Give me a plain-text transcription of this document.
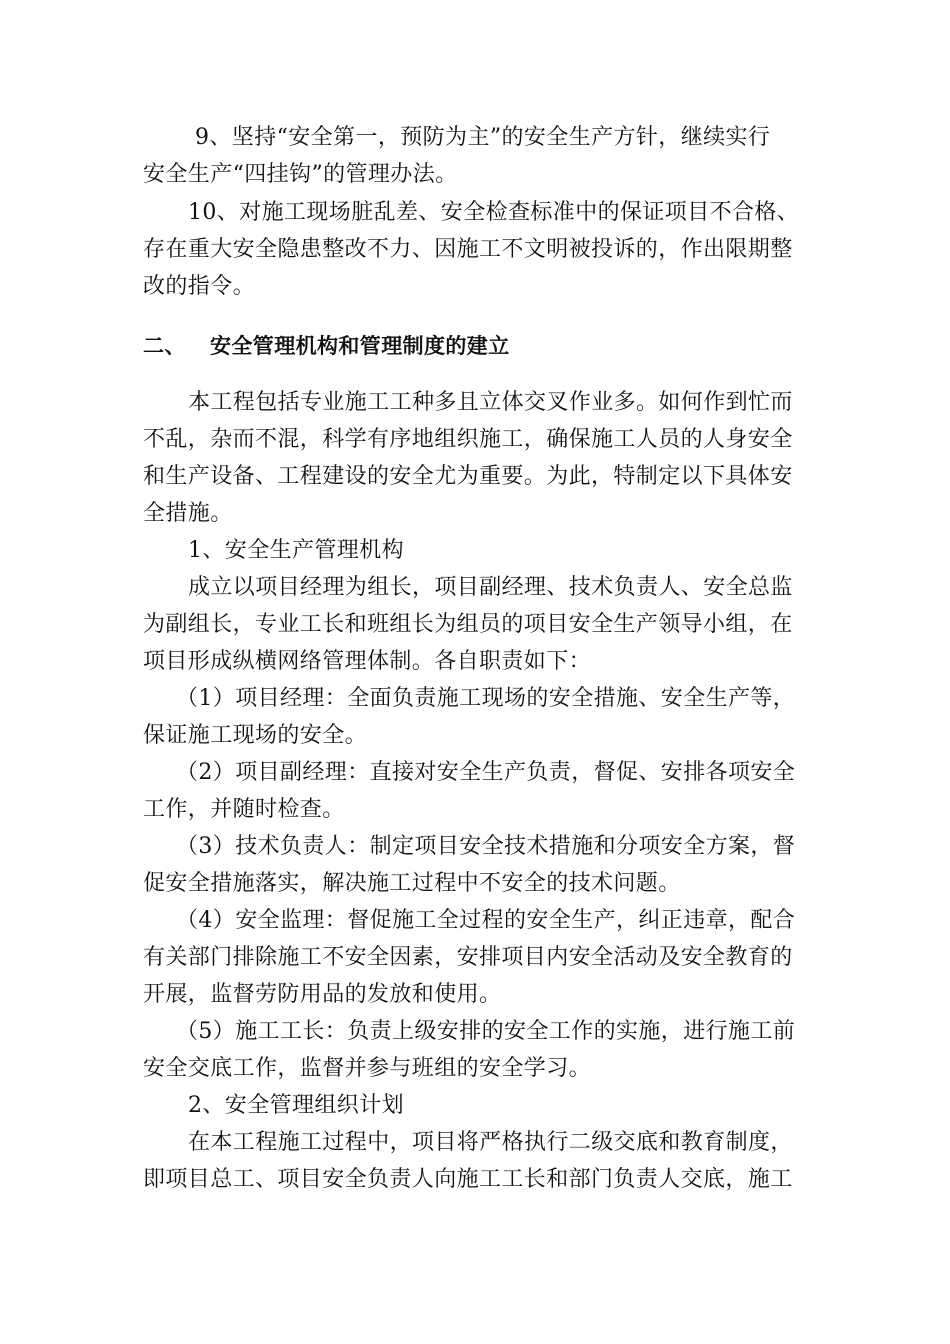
9、坚持“安全第一，预防为主”的安全生产方针，继续实行
安全生产“四挂钩”的管理办法。
10、对施工现场脏乱差、安全检查标准中的保证项目不合格、
存在重大安全隐患整改不力、因施工不文明被投诉的，作出限期整
改的指令。
二、 安全管理机构和管理制度的建立
本工程包括专业施工工种多且立体交叉作业多。如何作到忙而
不乱，杂而不混，科学有序地组织施工，确保施工人员的人身安全
和生产设备、工程建设的安全尤为重要。为此，特制定以下具体安
全措施。
1、安全生产管理机构
成立以项目经理为组长，项目副经理、技术负责人、安全总监
为副组长，专业工长和班组长为组员的项目安全生产领导小组，在
项目形成纵横网络管理体制。各自职责如下：
（1）项目经理：全面负责施工现场的安全措施、安全生产等，
保证施工现场的安全。
（2）项目副经理：直接对安全生产负责，督促、安排各项安全
工作，并随时检查。
（3）技术负责人：制定项目安全技术措施和分项安全方案，督
促安全措施落实，解决施工过程中不安全的技术问题。
（4）安全监理：督促施工全过程的安全生产，纠正违章，配合
有关部门排除施工不安全因素，安排项目内安全活动及安全教育的
开展，监督劳防用品的发放和使用。
（5）施工工长：负责上级安排的安全工作的实施，进行施工前
安全交底工作，监督并参与班组的安全学习。
2、安全管理组织计划
在本工程施工过程中，项目将严格执行二级交底和教育制度，
即项目总工、项目安全负责人向施工工长和部门负责人交底，施工
